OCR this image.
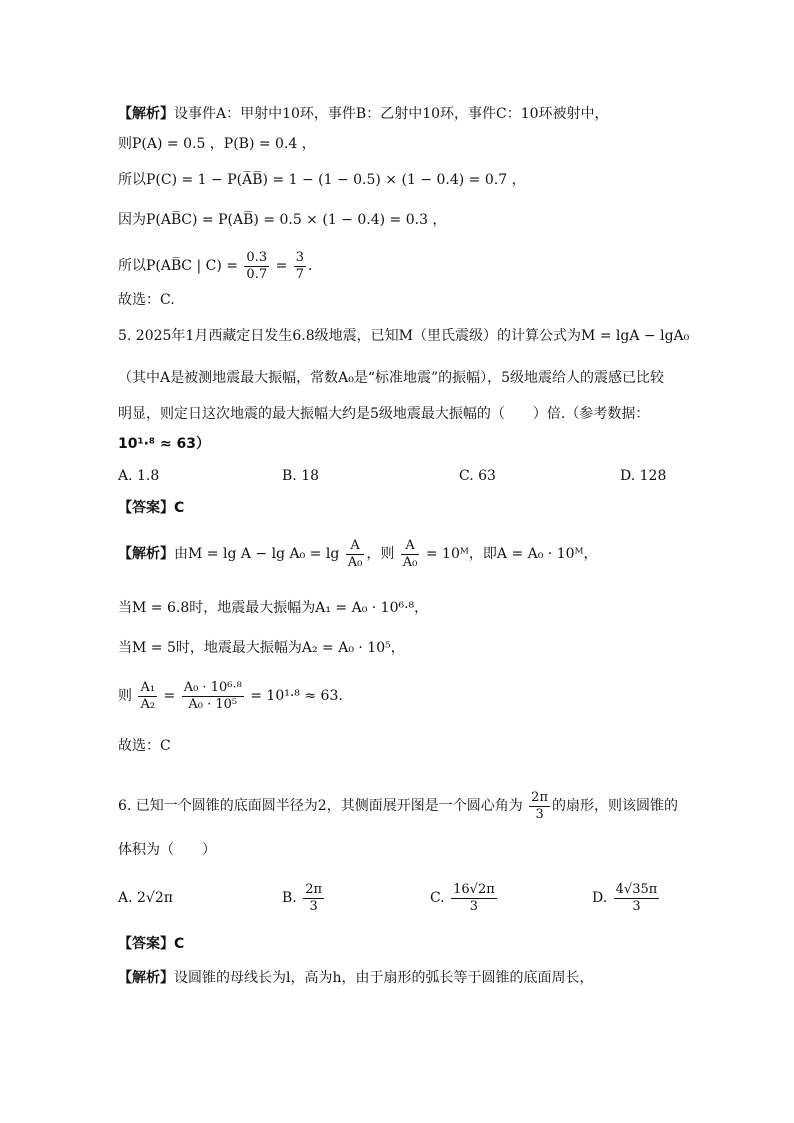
【解析】设事件A：甲射中10环，事件B：乙射中10环，事件C：10环被射中，
则P(A) = 0.5 ，P(B) = 0.4 ，
所以P(C) = 1 − P(A̅B̅) = 1 − (1 − 0.5) × (1 − 0.4) = 0.7 ，
因为P(AB̅C) = P(AB̅) = 0.5 × (1 − 0.4) = 0.3 ，
所以P(AB̅C | $C) = \frac{0.3}{0.7} = \frac{3}{7}$ .
故选：C.
5. 2025年1月西藏定日发生6.8级地震，已知M（里氏震级）的计算公式为M = lgA − lgA₀
（其中A是被测地震最大振幅，常数A₀是“标准地震”的振幅），5级地震给人的震感已比较
明显，则定日这次地震的最大振幅大约是5级地震最大振幅的（　　）倍.（参考数据：
10¹·⁸ ≈ 63）
A. 1.8	B. 18	C. 63	D. 128
【答案】C
【解析】由$M = \lg A - \lg A_0 = \lg \frac{A}{\text{A₀}}$ ，则 $\frac{A}{\text{A₀}}$ = 10ᴹ，即A = A₀ · 10ᴹ，
当M = 6.8时，地震最大振幅为A₁ = A₀ · 10⁶·⁸，
当M = 5时，地震最大振幅为A₂ = A₀ · 10⁵，
则 $\frac{\text{A₁}}{\text{A₂}} = \frac{\text{A₀ · 10⁶·⁸}}{\text{A₀ · 10⁵}} = 10^1\cdot^8 \approx 63$.
故选：C
6. 已知一个圆锥的底面圆半径为2，其侧面展开图是一个圆心角为 $\frac{2\pi}{3}$ 的扇形，则该圆锥的
体积为（　　）
A. 2√2π	B. $\frac{2\pi}{3}$	C. $\frac{16√2\pi}{3}$	D. $\frac{4√35\pi}{3}$
【答案】C
【解析】设圆锥的母线长为l，高为h，由于扇形的弧长等于圆锥的底面周长，
